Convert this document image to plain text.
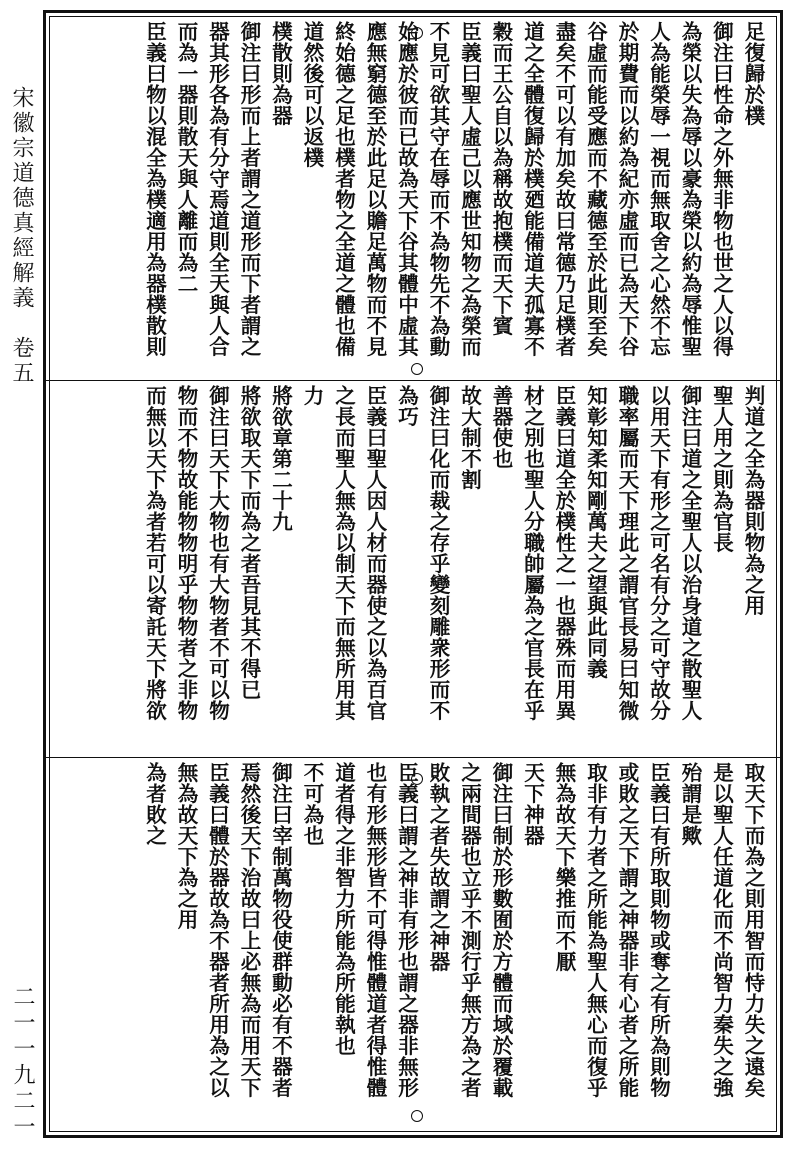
宋徽宗道德真經解義　卷五
二一一九二一
足復歸於樸
御注曰性命之外無非物也世之人以得
為榮以失為辱以豪為榮以約為辱惟聖
人為能榮辱一視而無取舍之心然不忘
於期費而以約為紀亦虛而已為天下谷
谷虛而能受應而不藏德至於此則至矣
盡矣不可以有加矣故曰常德乃足樸者
道之全體復歸於樸廼能備道夫孤寡不
穀而王公自以為稱故抱樸而天下賓
臣義曰聖人虛己以應世知物之為榮而
不見可欲其守在辱而不為物先不為動
始應於彼而已故為天下谷其體中虛其
應無窮德至於此足以贍足萬物而不見
終始德之足也樸者物之全道之體也備
道然後可以返樸
樸散則為器
御注曰形而上者謂之道形而下者謂之
器其形各為有分守焉道則全天與人合
而為一器則散天與人離而為二
臣義曰物以混全為樸適用為器樸散則
判道之全為器則物為之用
聖人用之則為官長
御注曰道之全聖人以治身道之散聖人
以用天下有形之可名有分之可守故分
職率屬而天下理此之謂官長易曰知微
知彰知柔知剛萬夫之望與此同義
臣義曰道全於樸性之一也器殊而用異
材之別也聖人分職帥屬為之官長在乎
善器使也
故大制不割
御注曰化而裁之存乎變刻雕衆形而不
為巧
臣義曰聖人因人材而器使之以為百官
之長而聖人無為以制天下而無所用其
力
將欲章第二十九
將欲取天下而為之者吾見其不得已
御注曰天下大物也有大物者不可以物
物而不物故能物物明乎物物者之非物
而無以天下為者若可以寄託天下將欲
取天下而為之則用智而恃力失之遠矣
是以聖人任道化而不尚智力秦失之強
殆謂是歟
臣義曰有所取則物或奪之有所為則物
或敗之天下謂之神器非有心者之所能
取非有力者之所能為聖人無心而復乎
無為故天下樂推而不厭
天下神器
御注曰制於形數囿於方體而域於覆載
之兩間器也立乎不測行乎無方為之者
敗執之者失故謂之神器
臣義曰謂之神非有形也謂之器非無形
也有形無形皆不可得惟體道者得惟體
道者得之非智力所能為所能執也
不可為也
御注曰宰制萬物役使群動必有不器者
焉然後天下治故曰上必無為而用天下
臣義曰體於器故為不器者所用為之以
無為故天下為之用
為者敗之
